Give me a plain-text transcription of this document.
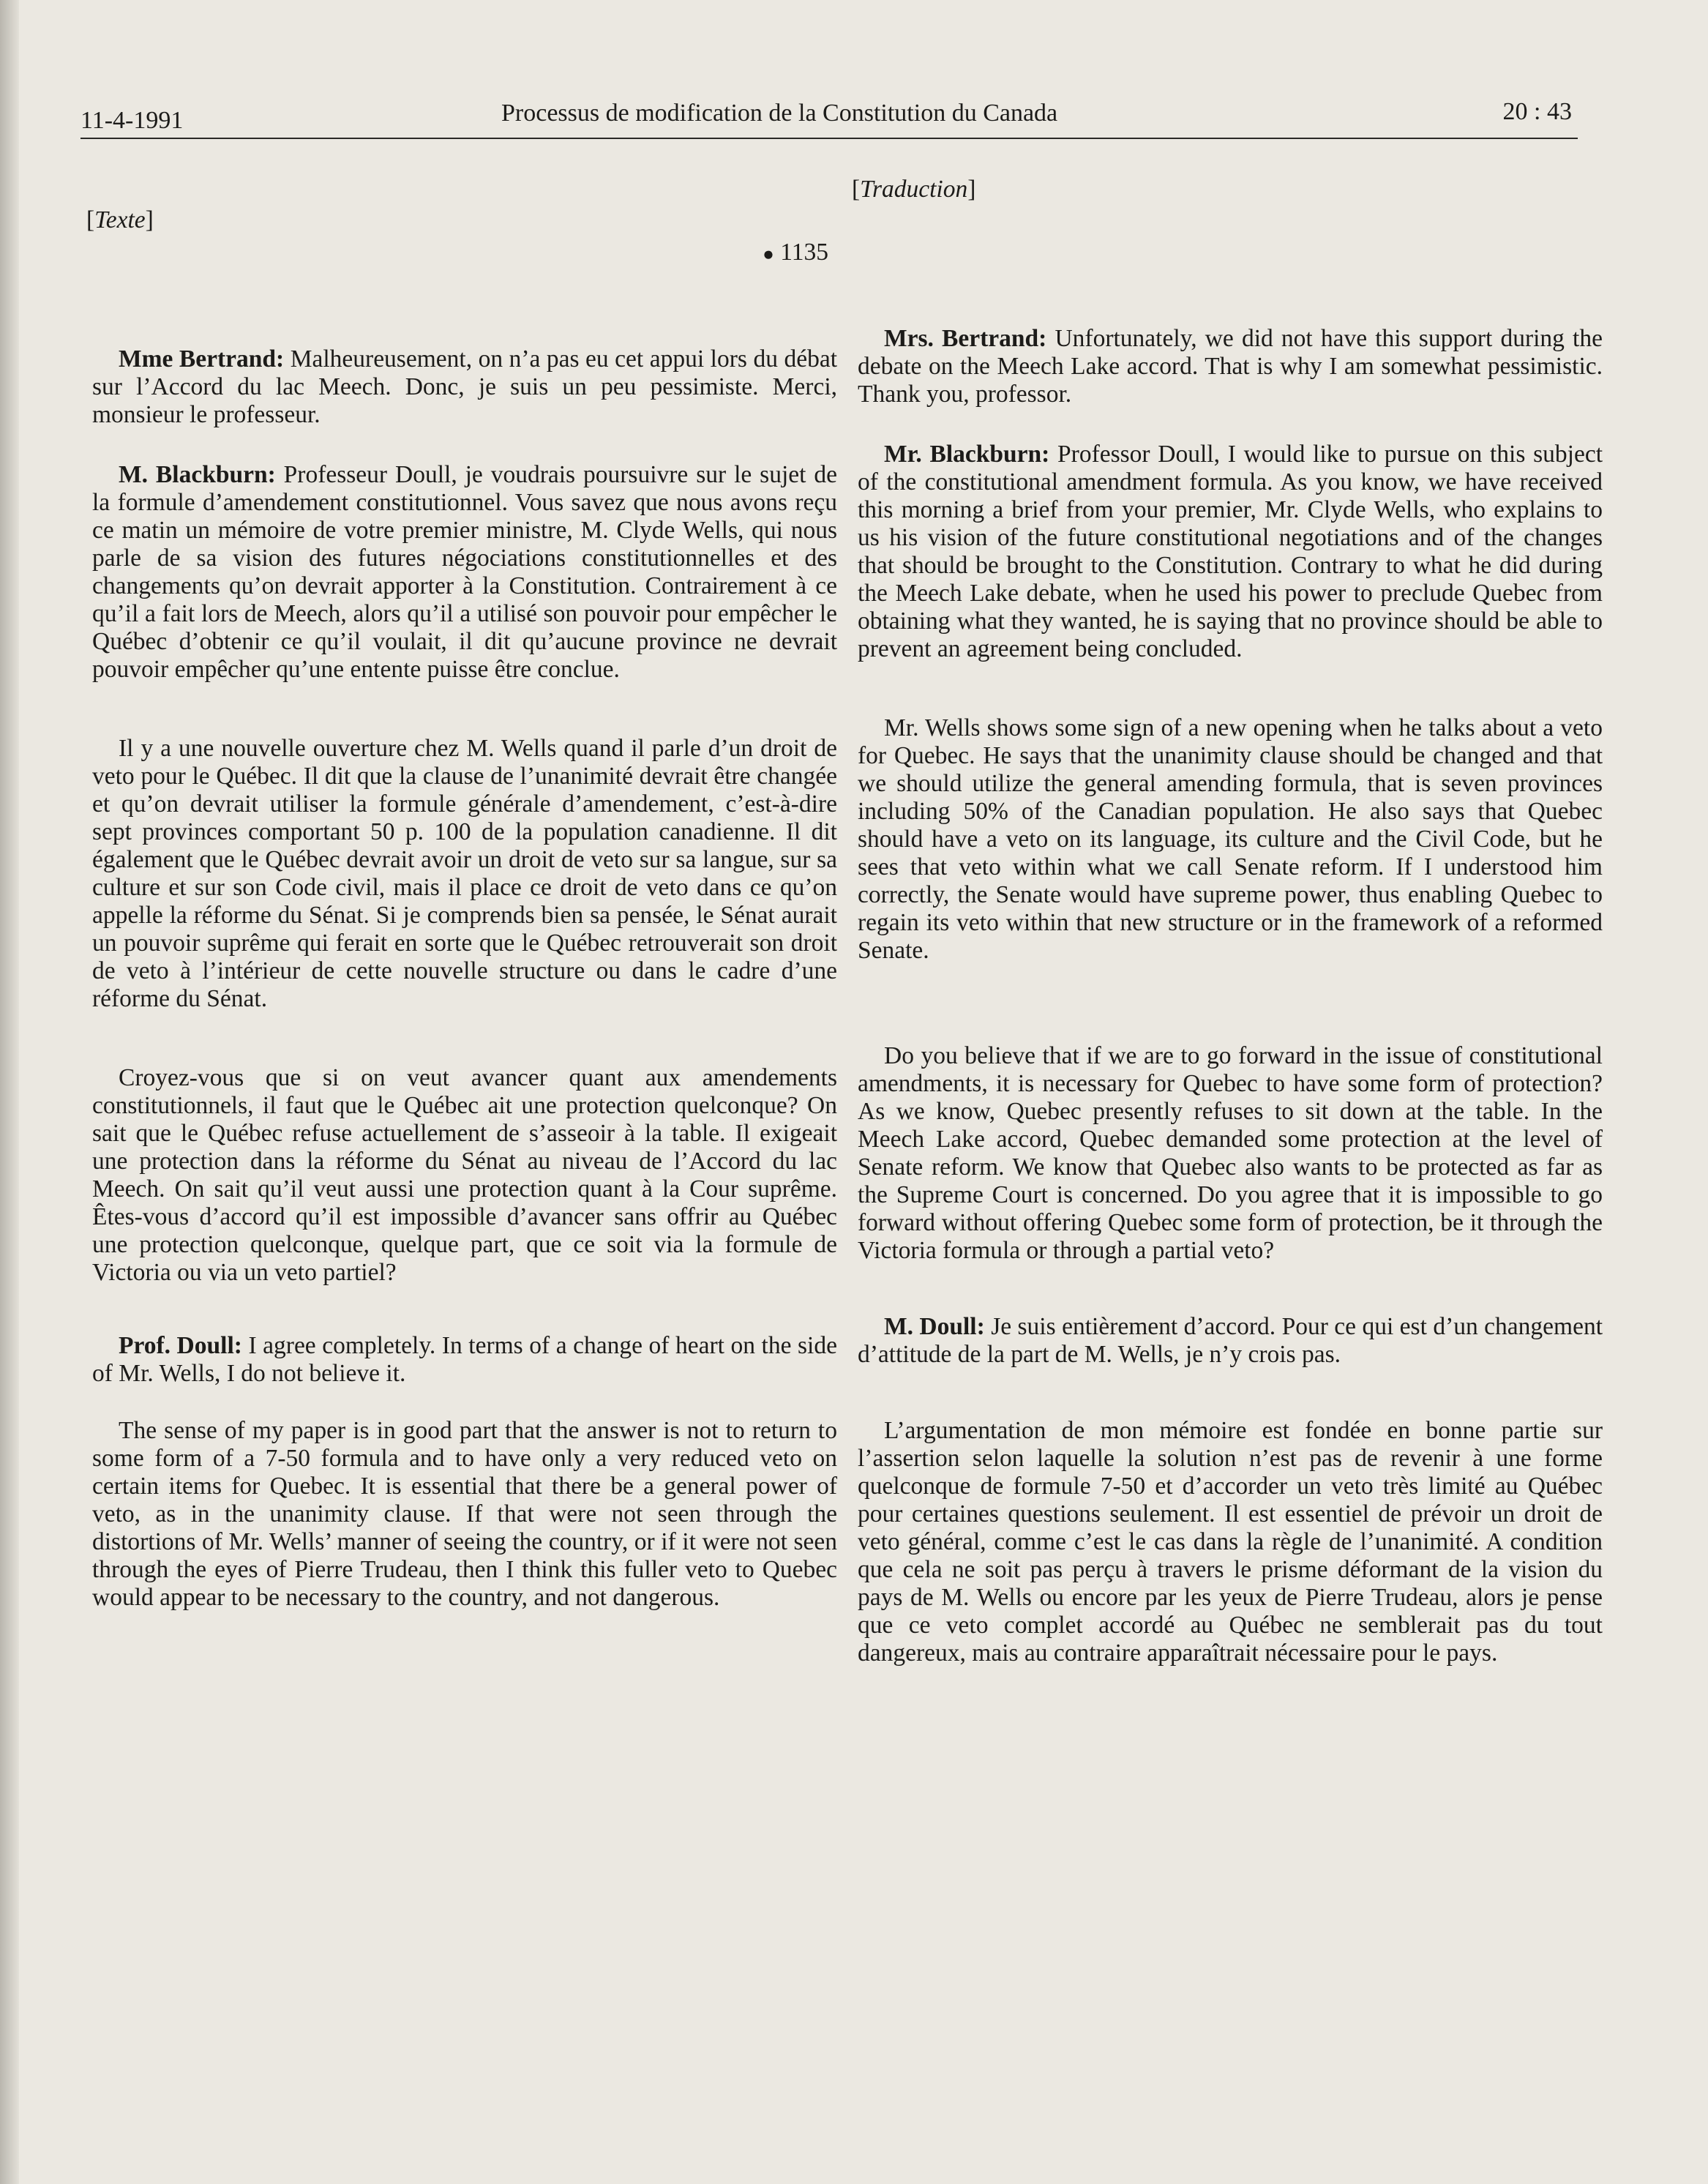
11-4-1991	Processus de modification de la Constitution du Canada	20 : 43

[Texte]

● 1135

Mme Bertrand: Malheureusement, on n’a pas eu cet appui lors du débat sur l’Accord du lac Meech. Donc, je suis un peu pessimiste. Merci, monsieur le professeur.

M. Blackburn: Professeur Doull, je voudrais poursuivre sur le sujet de la formule d’amendement constitutionnel. Vous savez que nous avons reçu ce matin un mémoire de votre premier ministre, M. Clyde Wells, qui nous parle de sa vision des futures négociations constitutionnelles et des changements qu’on devrait apporter à la Constitution. Contrairement à ce qu’il a fait lors de Meech, alors qu’il a utilisé son pouvoir pour empêcher le Québec d’obtenir ce qu’il voulait, il dit qu’aucune province ne devrait pouvoir empêcher qu’une entente puisse être conclue.

Il y a une nouvelle ouverture chez M. Wells quand il parle d’un droit de veto pour le Québec. Il dit que la clause de l’unanimité devrait être changée et qu’on devrait utiliser la formule générale d’amendement, c’est-à-dire sept provinces comportant 50 p. 100 de la population canadienne. Il dit également que le Québec devrait avoir un droit de veto sur sa langue, sur sa culture et sur son Code civil, mais il place ce droit de veto dans ce qu’on appelle la réforme du Sénat. Si je comprends bien sa pensée, le Sénat aurait un pouvoir suprême qui ferait en sorte que le Québec retrouverait son droit de veto à l’intérieur de cette nouvelle structure ou dans le cadre d’une réforme du Sénat.

Croyez-vous que si on veut avancer quant aux amendements constitutionnels, il faut que le Québec ait une protection quelconque? On sait que le Québec refuse actuellement de s’asseoir à la table. Il exigeait une protection dans la réforme du Sénat au niveau de l’Accord du lac Meech. On sait qu’il veut aussi une protection quant à la Cour suprême. Êtes-vous d’accord qu’il est impossible d’avancer sans offrir au Québec une protection quelconque, quelque part, que ce soit via la formule de Victoria ou via un veto partiel?

Prof. Doull: I agree completely. In terms of a change of heart on the side of Mr. Wells, I do not believe it.

The sense of my paper is in good part that the answer is not to return to some form of a 7-50 formula and to have only a very reduced veto on certain items for Quebec. It is essential that there be a general power of veto, as in the unanimity clause. If that were not seen through the distortions of Mr. Wells’ manner of seeing the country, or if it were not seen through the eyes of Pierre Trudeau, then I think this fuller veto to Quebec would appear to be necessary to the country, and not dangerous.

[Traduction]

Mrs. Bertrand: Unfortunately, we did not have this support during the debate on the Meech Lake accord. That is why I am somewhat pessimistic. Thank you, professor.

Mr. Blackburn: Professor Doull, I would like to pursue on this subject of the constitutional amendment formula. As you know, we have received this morning a brief from your premier, Mr. Clyde Wells, who explains to us his vision of the future constitutional negotiations and of the changes that should be brought to the Constitution. Contrary to what he did during the Meech Lake debate, when he used his power to preclude Quebec from obtaining what they wanted, he is saying that no province should be able to prevent an agreement being concluded.

Mr. Wells shows some sign of a new opening when he talks about a veto for Quebec. He says that the unanimity clause should be changed and that we should utilize the general amending formula, that is seven provinces including 50% of the Canadian population. He also says that Quebec should have a veto on its language, its culture and the Civil Code, but he sees that veto within what we call Senate reform. If I understood him correctly, the Senate would have supreme power, thus enabling Quebec to regain its veto within that new structure or in the framework of a reformed Senate.

Do you believe that if we are to go forward in the issue of constitutional amendments, it is necessary for Quebec to have some form of protection? As we know, Quebec presently refuses to sit down at the table. In the Meech Lake accord, Quebec demanded some protection at the level of Senate reform. We know that Quebec also wants to be protected as far as the Supreme Court is concerned. Do you agree that it is impossible to go forward without offering Quebec some form of protection, be it through the Victoria formula or through a partial veto?

M. Doull: Je suis entièrement d’accord. Pour ce qui est d’un changement d’attitude de la part de M. Wells, je n’y crois pas.

L’argumentation de mon mémoire est fondée en bonne partie sur l’assertion selon laquelle la solution n’est pas de revenir à une forme quelconque de formule 7-50 et d’accorder un veto très limité au Québec pour certaines questions seulement. Il est essentiel de prévoir un droit de veto général, comme c’est le cas dans la règle de l’unanimité. A condition que cela ne soit pas perçu à travers le prisme déformant de la vision du pays de M. Wells ou encore par les yeux de Pierre Trudeau, alors je pense que ce veto complet accordé au Québec ne semblerait pas du tout dangereux, mais au contraire apparaîtrait nécessaire pour le pays.
